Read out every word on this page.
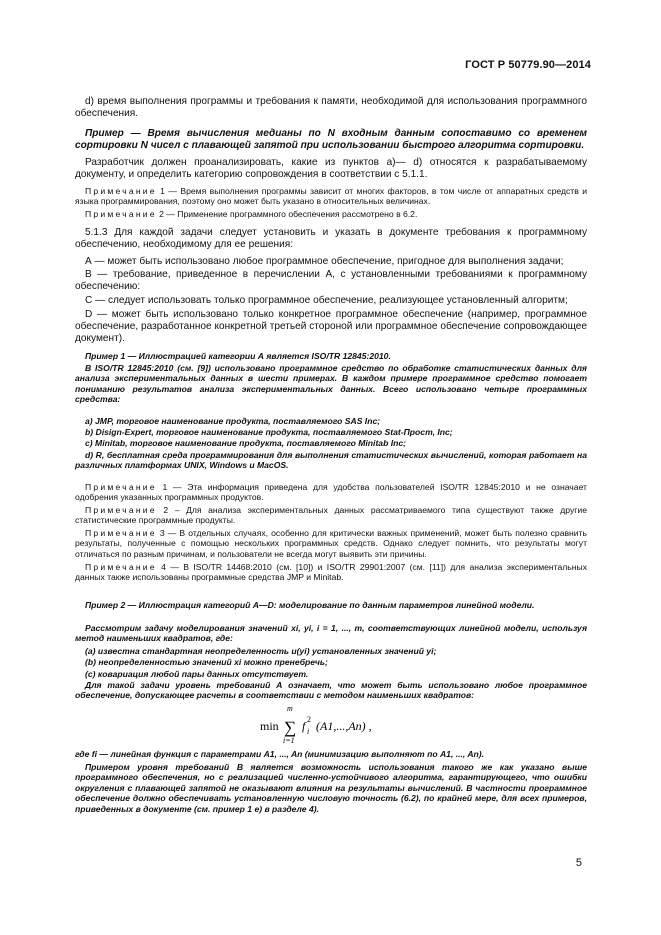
ГОСТ Р 50779.90—2014

d) время выполнения программы и требования к памяти, необходимой для использования программного обеспечения.

Пример — Время вычисления медианы по N входным данным сопоставимо со временем сортировки N чисел с плавающей запятой при использовании быстрого алгоритма сортировки.

Разработчик должен проанализировать, какие из пунктов а)— d) относятся к разрабатываемому документу, и определить категорию сопровождения в соответствии с 5.1.1.

Примечание 1 — Время выполнения программы зависит от многих факторов, в том числе от аппаратных средств и языка программирования, поэтому оно может быть указано в относительных величинах.

Примечание 2 — Применение программного обеспечения рассмотрено в 6.2.

5.1.3 Для каждой задачи следует установить и указать в документе требования к программному обеспечению, необходимому для ее решения:

А — может быть использовано любое программное обеспечение, пригодное для выполнения задачи;

В — требование, приведенное в перечислении А, с установленными требованиями к программному обеспечению:

С — следует использовать только программное обеспечение, реализующее установленный алгоритм;

D — может быть использовано только конкретное программное обеспечение (например, программное обеспечение, разработанное конкретной третьей стороной или программное обеспечение сопровождающее документ).

Пример 1 — Иллюстрацией категории А является ISO/TR 12845:2010.

В ISO/TR 12845:2010 (см. [9]) использовано программное средство по обработке статистических данных для анализа экспериментальных данных в шести примерах. В каждом примере программное средство помогает пониманию результатов анализа экспериментальных данных. Всего использовано четыре программных средства:

a) JMP, торговое наименование продукта, поставляемого SAS Inc;

b) Disign-Expert, торговое наименование продукта, поставляемого Stat-Прост, Inc;

c) Minitab, торговое наименование продукта, поставляемого Minitab Inc;

d) R, бесплатная среда программирования для выполнения статистических вычислений, которая работает на различных платформах UNIX, Windows и MacOS.

Примечание 1 — Эта информация приведена для удобства пользователей ISO/TR 12845:2010 и не означает одобрения указанных программных продуктов.

Примечание 2 – Для анализа экспериментальных данных рассматриваемого типа существуют также другие статистические программные продукты.

Примечание 3 — В отдельных случаях, особенно для критически важных применений, может быть полезно сравнить результаты, полученные с помощью нескольких программных средств. Однако следует помнить, что результаты могут отличаться по разным причинам, и пользователи не всегда могут выявить эти причины.

Примечание 4 — В ISO/TR 14468:2010 (см. [10]) и ISO/TR 29901:2007 (см. [11]) для анализа экспериментальных данных также использованы программные средства JMP и Minitab.

Пример 2 — Иллюстрация категорий А—D: моделирование по данным параметров линейной модели.

Рассмотрим задачу моделирования значений xi, yi, i = 1, ..., m, соответствующих линейной модели, используя метод наименьших квадратов, где:

(a) известна стандартная неопределенность u(yi) установленных значений yi;

(b) неопределенностью значений xi можно пренебречь;

(c) ковариация любой пары данных отсутствует.

Для такой задачи уровень требований А означает, что может быть использовано любое программное обеспечение, допускающее расчеты в соответствии с методом наименьших квадратов:

min
m
∑
i=1
f 2
i (A1,...,An) ,

где fi — линейная функция с параметрами A1, ..., An (минимизацию выполняют по A1, ..., An).

Примером уровня требований В является возможность использования такого же как указано выше программного обеспечения, но с реализацией численно-устойчивого алгоритма, гарантирующего, что ошибки округления с плавающей запятой не оказывают влияния на результаты вычислений. В частности программное обеспечение должно обеспечивать установленную числовую точность (6.2), по крайней мере, для всех примеров, приведенных в документе (см. пример 1 е) в разделе 4).

5
